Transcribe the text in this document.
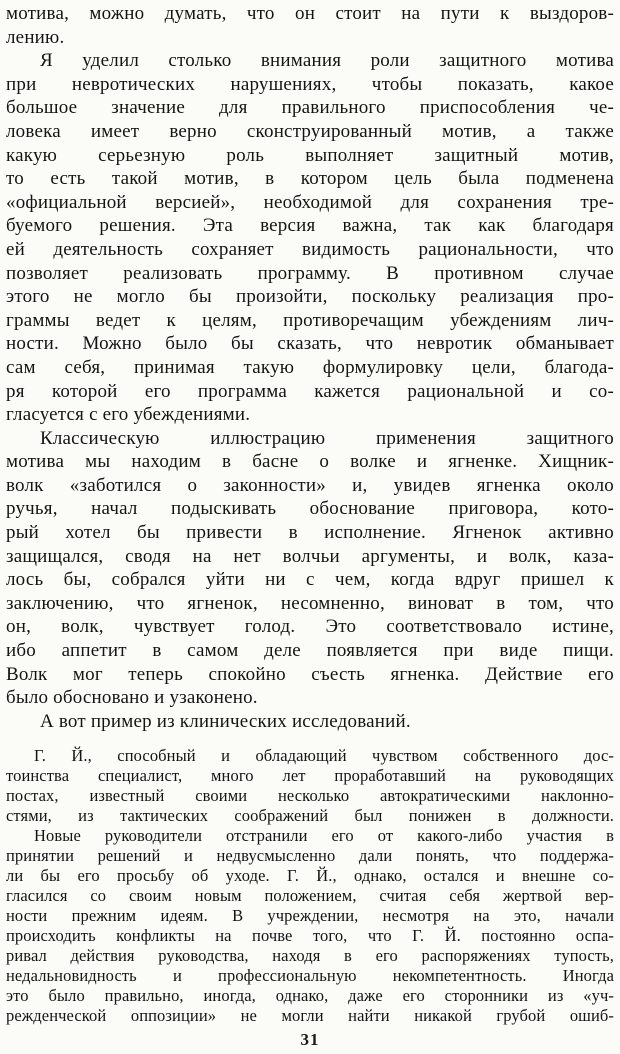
мотива, можно думать, что он стоит на пути к выздоров-
лению.
Я уделил столько внимания роли защитного мотива
при невротических нарушениях, чтобы показать, какое
большое значение для правильного приспособления че-
ловека имеет верно сконструированный мотив, а также
какую серьезную роль выполняет защитный мотив,
то есть такой мотив, в котором цель была подменена
«официальной версией», необходимой для сохранения тре-
буемого решения. Эта версия важна, так как благодаря
ей деятельность сохраняет видимость рациональности, что
позволяет реализовать программу. В противном случае
этого не могло бы произойти, поскольку реализация про-
граммы ведет к целям, противоречащим убеждениям лич-
ности. Можно было бы сказать, что невротик обманывает
сам себя, принимая такую формулировку цели, благода-
ря которой его программа кажется рациональной и со-
гласуется с его убеждениями.
Классическую иллюстрацию применения защитного
мотива мы находим в басне о волке и ягненке. Хищник-
волк «заботился о законности» и, увидев ягненка около
ручья, начал подыскивать обоснование приговора, кото-
рый хотел бы привести в исполнение. Ягненок активно
защищался, сводя на нет волчьи аргументы, и волк, каза-
лось бы, собрался уйти ни с чем, когда вдруг пришел к
заключению, что ягненок, несомненно, виноват в том, что
он, волк, чувствует голод. Это соответствовало истине,
ибо аппетит в самом деле появляется при виде пищи.
Волк мог теперь спокойно съесть ягненка. Действие его
было обосновано и узаконено.
А вот пример из клинических исследований.
Г. Й., способный и обладающий чувством собственного дос-
тоинства специалист, много лет проработавший на руководящих
постах, известный своими несколько автократическими наклонно-
стями, из тактических соображений был понижен в должности.
Новые руководители отстранили его от какого-либо участия в
принятии решений и недвусмысленно дали понять, что поддержа-
ли бы его просьбу об уходе. Г. Й., однако, остался и внешне со-
гласился со своим новым положением, считая себя жертвой вер-
ности прежним идеям. В учреждении, несмотря на это, начали
происходить конфликты на почве того, что Г. Й. постоянно оспа-
ривал действия руководства, находя в его распоряжениях тупость,
недальновидность и профессиональную некомпетентность. Иногда
это было правильно, иногда, однако, даже его сторонники из «уч-
режденческой оппозиции» не могли найти никакой грубой ошиб-
31
